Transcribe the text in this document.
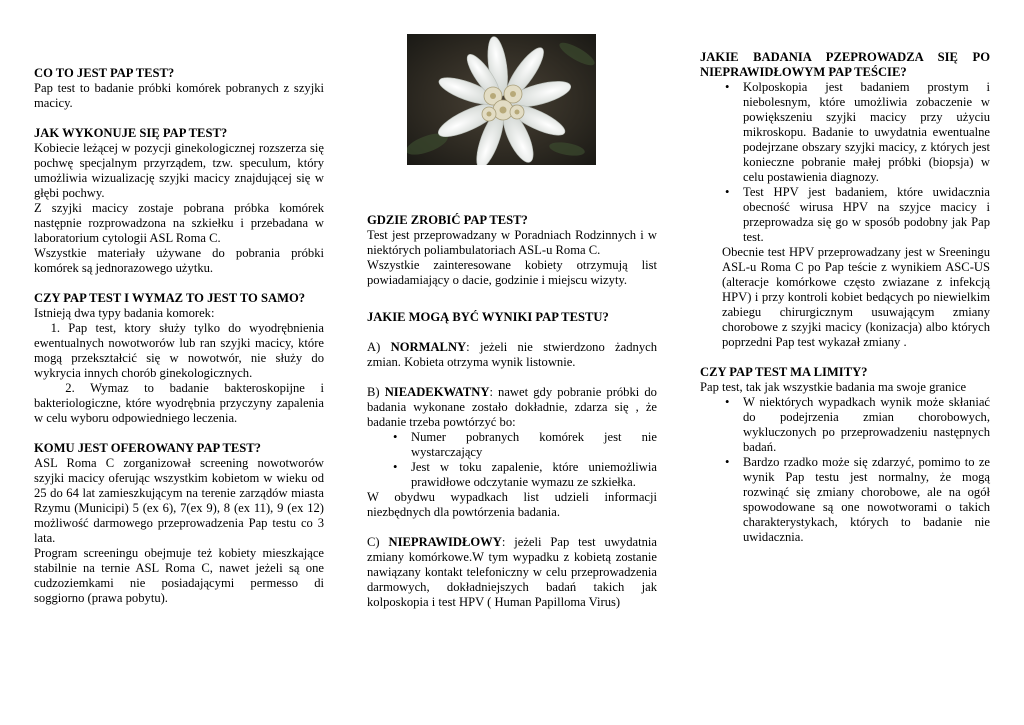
CO TO JEST PAP TEST?

Pap test to badanie próbki komórek pobranych z szyjki macicy.

JAK WYKONUJE SIĘ PAP TEST?

Kobiecie leżącej w pozycji ginekologicznej rozszerza się pochwę specjalnym przyrządem, tzw. speculum, który umożliwia wizualizację szyjki macicy znajdującej się w głębi pochwy.

Z szyjki macicy zostaje pobrana próbka komórek następnie rozprowadzona na szkiełku i przebadana w laboratorium cytologii ASL Roma C.

Wszystkie materiały używane do pobrania próbki komórek są jednorazowego użytku.

CZY PAP TEST I WYMAZ TO JEST TO SAMO?

Istnieją dwa typy badania komorek:

1. Pap test, ktory służy tylko do wyodrębnienia ewentualnych nowotworów lub ran szyjki macicy, które mogą przekształcić się w nowotwór, nie służy do wykrycia innych chorób ginekologicznych.

2. Wymaz to badanie bakteroskopijne i bakteriologiczne, które wyodrębnia przyczyny zapalenia w celu wyboru odpowiedniego leczenia.

KOMU JEST OFEROWANY PAP TEST?

ASL Roma C zorganizował screening nowotworów szyjki macicy oferując wszystkim kobietom w wieku od 25 do 64 lat zamieszkującym na terenie zarządów miasta Rzymu (Municipi) 5 (ex 6), 7(ex 9), 8 (ex 11), 9 (ex 12) możliwość darmowego przeprowadzenia Pap testu co 3 lata.

Program screeningu obejmuje też kobiety mieszkające stabilnie na ternie ASL Roma C, nawet jeżeli są one cudzoziemkami nie posiadającymi permesso di soggiorno (prawa pobytu).

GDZIE ZROBIĆ PAP TEST?

Test jest przeprowadzany w Poradniach Rodzinnych i w niektórych poliambulatoriach ASL-u Roma C.

Wszystkie zainteresowane kobiety otrzymują list powiadamiający o dacie, godzinie i miejscu wizyty.

JAKIE MOGĄ BYĆ WYNIKI PAP TESTU?

A) NORMALNY: jeżeli nie stwierdzono żadnych zmian. Kobieta otrzyma wynik listownie.

B) NIEADEKWATNY: nawet gdy pobranie próbki do badania wykonane zostało dokładnie, zdarza się , że badanie trzeba powtórzyć bo:

• Numer pobranych komórek jest nie wystarczający
• Jest w toku zapalenie, które uniemożliwia prawidłowe odczytanie wymazu ze szkiełka.

W obydwu wypadkach list udzieli informacji niezbędnych dla powtórzenia badania.

C) NIEPRAWIDŁOWY: jeżeli Pap test uwydatnia zmiany komórkowe.W tym wypadku z kobietą zostanie nawiązany kontakt telefoniczny w celu przeprowadzenia darmowych, dokładniejszych badań takich jak kolposkopia i test HPV ( Human Papilloma Virus)

JAKIE BADANIA PZEPROWADZA SIĘ PO NIEPRAWIDŁOWYM PAP TEŚCIE?
• Kolposkopia jest badaniem prostym i niebolesnym, które umożliwia zobaczenie w powiększeniu szyjki macicy przy użyciu mikroskopu. Badanie to uwydatnia ewentualne podejrzane obszary szyjki macicy, z których jest konieczne pobranie małej próbki (biopsja) w celu postawienia diagnozy.
• Test HPV jest badaniem, które uwidacznia obecność wirusa HPV na szyjce macicy i przeprowadza się go w sposób podobny jak Pap test.

Obecnie test HPV przeprowadzany jest w Sreeningu ASL-u Roma C po Pap teście z wynikiem ASC-US (alteracje komórkowe często zwiazane z infekcją HPV) i przy kontroli kobiet bedących po niewielkim zabiegu chirurgicznym usuwającym zmiany chorobowe z szyjki macicy (konizacja) albo których poprzedni Pap test wykazał zmiany .

CZY PAP TEST MA LIMITY?

Pap test, tak jak wszystkie badania ma swoje granice

• W niektórych wypadkach wynik może skłaniać do podejrzenia zmian chorobowych, wykluczonych po przeprowadzeniu następnych badań.
• Bardzo rzadko może się zdarzyć, pomimo to ze wynik Pap testu jest normalny, że mogą rozwinąć się zmiany chorobowe, ale na ogół spowodowane są one nowotworami o takich charakterystykach, których to badanie nie uwidacznia.
